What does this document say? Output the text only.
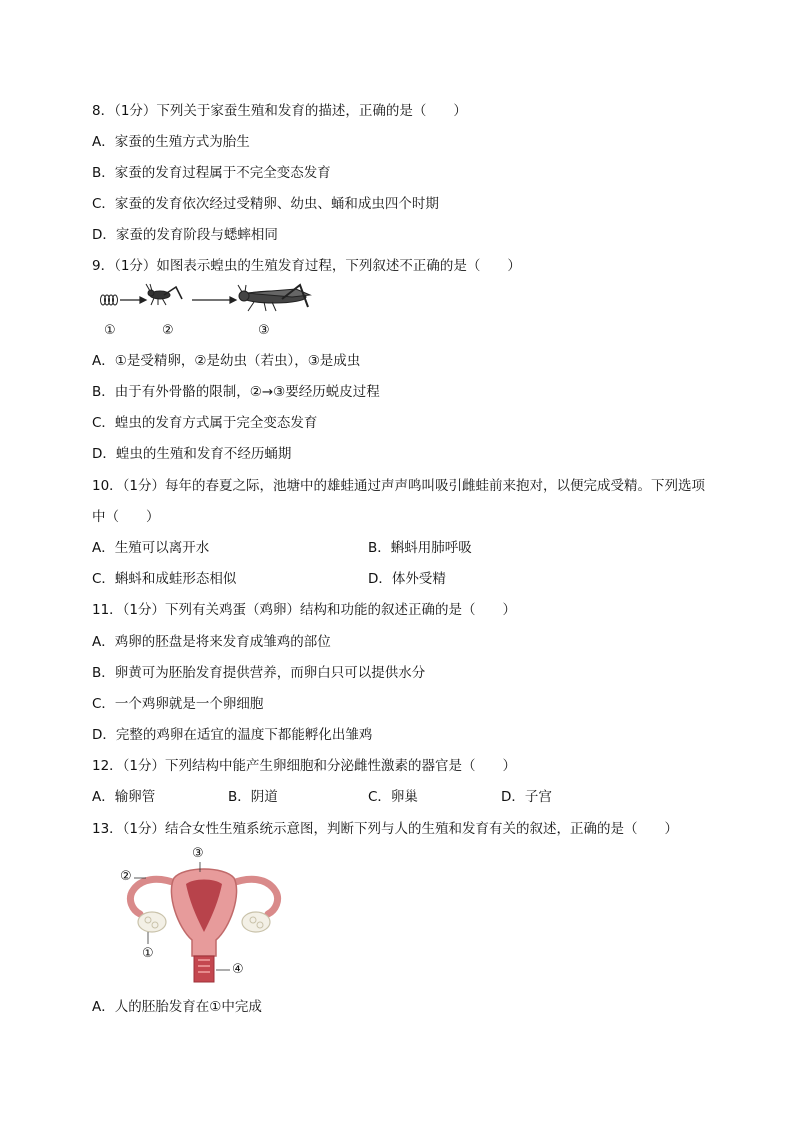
8．（1分）下列关于家蚕生殖和发育的描述，正确的是（　　）
A．家蚕的生殖方式为胎生
B．家蚕的发育过程属于不完全变态发育
C．家蚕的发育依次经过受精卵、幼虫、蛹和成虫四个时期
D．家蚕的发育阶段与蟋蟀相同
9．（1分）如图表示蝗虫的生殖发育过程，下列叙述不正确的是（　　）
①	②	③
A．①是受精卵，②是幼虫（若虫），③是成虫
B．由于有外骨骼的限制，②→③要经历蜕皮过程
C．蝗虫的发育方式属于完全变态发育
D．蝗虫的生殖和发育不经历蛹期
10．（1分）每年的春夏之际，池塘中的雄蛙通过声声鸣叫吸引雌蛙前来抱对，以便完成受精。下列选项
中（　　）
A．生殖可以离开水	B．蝌蚪用肺呼吸
C．蝌蚪和成蛙形态相似	D．体外受精
11．（1分）下列有关鸡蛋（鸡卵）结构和功能的叙述正确的是（　　）
A．鸡卵的胚盘是将来发育成雏鸡的部位
B．卵黄可为胚胎发育提供营养，而卵白只可以提供水分
C．一个鸡卵就是一个卵细胞
D．完整的鸡卵在适宜的温度下都能孵化出雏鸡
12．（1分）下列结构中能产生卵细胞和分泌雌性激素的器官是（　　）
A．输卵管	B．阴道	C．卵巢	D．子宫
13．（1分）结合女性生殖系统示意图，判断下列与人的生殖和发育有关的叙述，正确的是（　　）
③
②
①
④
A．人的胚胎发育在①中完成
